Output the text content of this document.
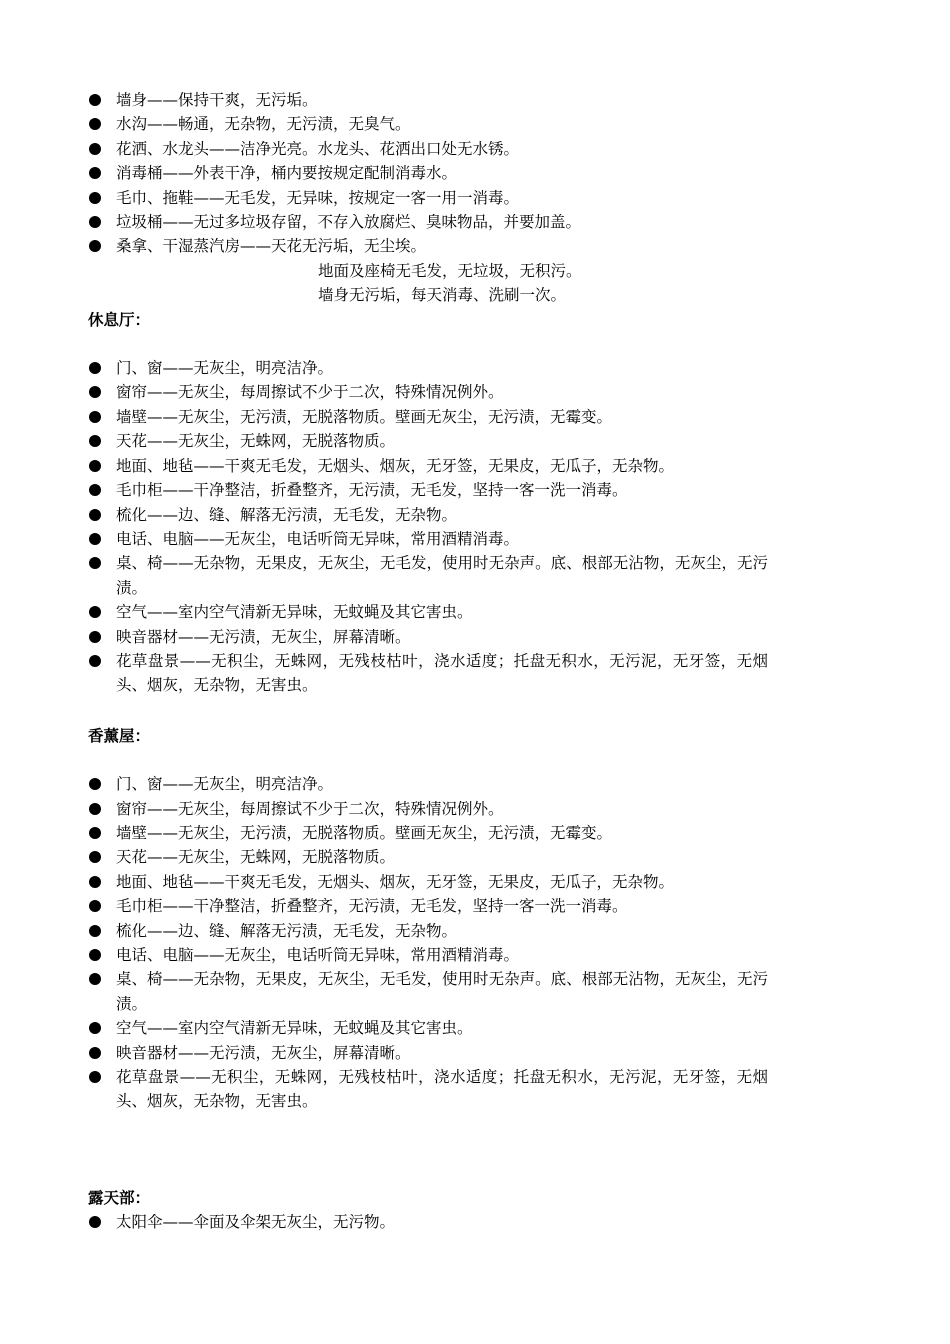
墙身——保持干爽，无污垢。
水沟——畅通，无杂物，无污渍，无臭气。
花洒、水龙头——洁净光亮。水龙头、花洒出口处无水锈。
消毒桶——外表干净，桶内要按规定配制消毒水。
毛巾、拖鞋——无毛发，无异味，按规定一客一用一消毒。
垃圾桶——无过多垃圾存留，不存入放腐烂、臭味物品，并要加盖。
桑拿、干湿蒸汽房——天花无污垢，无尘埃。
地面及座椅无毛发，无垃圾，无积污。
墙身无污垢，每天消毒、洗刷一次。
休息厅：
门、窗——无灰尘，明亮洁净。
窗帘——无灰尘，每周擦试不少于二次，特殊情况例外。
墙壁——无灰尘，无污渍，无脱落物质。壁画无灰尘，无污渍，无霉变。
天花——无灰尘，无蛛网，无脱落物质。
地面、地毡——干爽无毛发，无烟头、烟灰，无牙签，无果皮，无瓜子，无杂物。
毛巾柜——干净整洁，折叠整齐，无污渍，无毛发，坚持一客一洗一消毒。
梳化——边、缝、解落无污渍，无毛发，无杂物。
电话、电脑——无灰尘，电话听筒无异味，常用酒精消毒。
桌、椅——无杂物，无果皮，无灰尘，无毛发，使用时无杂声。底、根部无沾物，无灰尘，无污渍。
空气——室内空气清新无异味，无蚊蝇及其它害虫。
映音器材——无污渍，无灰尘，屏幕清晰。
花草盘景——无积尘，无蛛网，无残枝枯叶，浇水适度；托盘无积水，无污泥，无牙签，无烟头、烟灰，无杂物，无害虫。
香薰屋：
门、窗——无灰尘，明亮洁净。
窗帘——无灰尘，每周擦试不少于二次，特殊情况例外。
墙壁——无灰尘，无污渍，无脱落物质。壁画无灰尘，无污渍，无霉变。
天花——无灰尘，无蛛网，无脱落物质。
地面、地毡——干爽无毛发，无烟头、烟灰，无牙签，无果皮，无瓜子，无杂物。
毛巾柜——干净整洁，折叠整齐，无污渍，无毛发，坚持一客一洗一消毒。
梳化——边、缝、解落无污渍，无毛发，无杂物。
电话、电脑——无灰尘，电话听筒无异味，常用酒精消毒。
桌、椅——无杂物，无果皮，无灰尘，无毛发，使用时无杂声。底、根部无沾物，无灰尘，无污渍。
空气——室内空气清新无异味，无蚊蝇及其它害虫。
映音器材——无污渍，无灰尘，屏幕清晰。
花草盘景——无积尘，无蛛网，无残枝枯叶，浇水适度；托盘无积水，无污泥，无牙签，无烟头、烟灰，无杂物，无害虫。
露天部：
太阳伞——伞面及伞架无灰尘，无污物。
